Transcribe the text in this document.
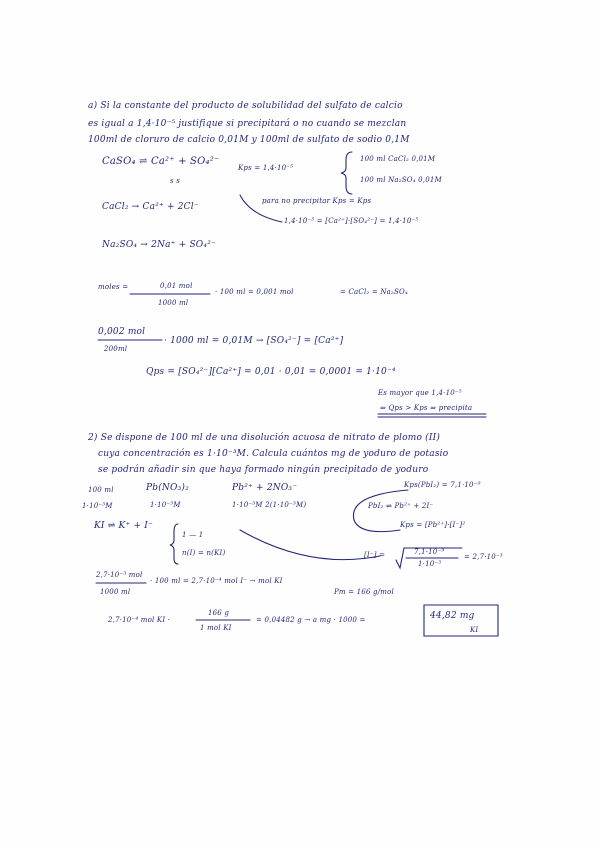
a) Si la constante del producto de solubilidad del sulfato de calcio
es igual a 1,4·10⁻⁵ justifique si precipitará o no cuando se mezclan
100ml de cloruro de calcio 0,01M y 100ml de sulfato de sodio 0,1M
CaSO₄ ⇌ Ca²⁺ + SO₄²⁻
s s
Kps = 1,4·10⁻⁵
100 ml CaCl₂ 0,01M
100 ml Na₂SO₄ 0,01M
CaCl₂ → Ca²⁺ + 2Cl⁻
para no precipitar Kps = Kps
1,4·10⁻⁵ = [Ca²⁺]·[SO₄²⁻] = 1,4·10⁻⁵
Na₂SO₄ → 2Na⁺ + SO₄²⁻
moles =	0,01 mol
1000 ml
· 100 ml = 0,001 mol	= CaCl₂ = Na₂SO₄
0,002 mol
200ml
· 1000 ml = 0,01M → [SO₄²⁻] = [Ca²⁺]
Qps = [SO₄²⁻][Ca²⁺] = 0,01 · 0,01 = 0,0001 = 1·10⁻⁴
Es mayor que 1,4·10⁻⁵
⇒ Qps > Kps ⇒ precipita
2) Se dispone de 100 ml de una disolución acuosa de nitrato de plomo (II)
cuya concentración es 1·10⁻³M. Calcula cuántos mg de yoduro de potasio
se podrán añadir sin que haya formado ningún precipitado de yoduro
100 ml
1·10⁻³M
Pb(NO₃)₂
1·10⁻³M
Pb²⁺ + 2NO₃⁻
1·10⁻³M 2(1·10⁻³M)
Kps(PbI₂) = 7,1·10⁻⁹
PbI₂ ⇌ Pb²⁺ + 2I⁻
Kps = [Pb²⁺]·[I⁻]²
KI ⇌ K⁺ + I⁻
1 — 1
n(I) = n(KI)	[I⁻] =	7,1·10⁻⁹
1·10⁻³
= 2,7·10⁻³
2,7·10⁻³ mol
1000 ml
· 100 ml = 2,7·10⁻⁴ mol I⁻ → mol KI
Pm = 166 g/mol
2,7·10⁻⁴ mol KI ·
166 g
1 mol KI
= 0,04482 g → a mg · 1000 =	44,82 mg
KI
